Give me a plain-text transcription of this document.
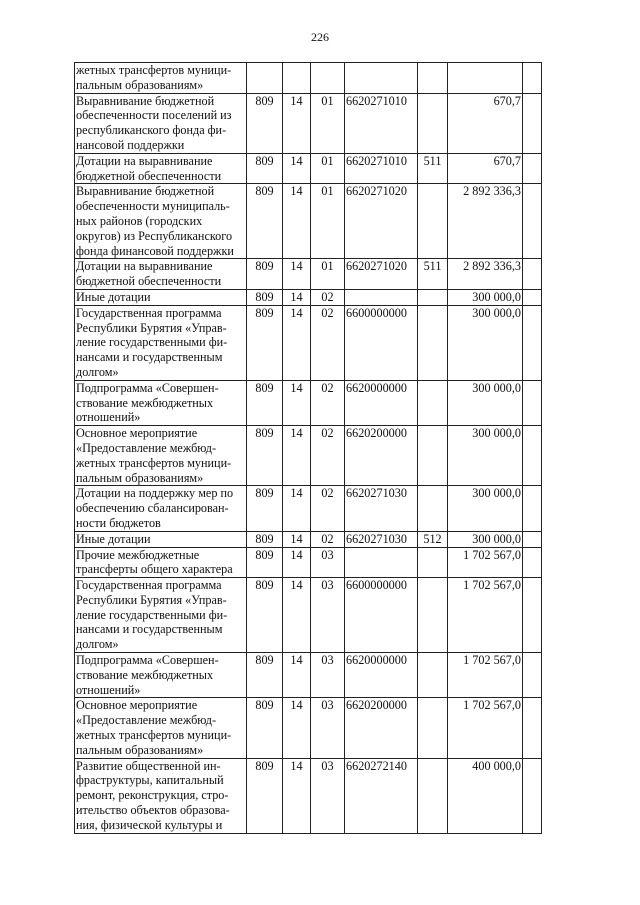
226
жетных трансфертов муници-
пальным образованиям»							

Выравнивание бюджетной
обеспеченности поселений из
республиканского фонда фи-
нансовой поддержки	809	14	01	6620271010		670,7	

Дотации на выравнивание
бюджетной обеспеченности	809	14	01	6620271010	511	670,7	

Выравнивание бюджетной
обеспеченности муниципаль-
ных районов (городских
округов) из Республиканского
фонда финансовой поддержки	809	14	01	6620271020		2 892 336,3	

Дотации на выравнивание
бюджетной обеспеченности	809	14	01	6620271020	511	2 892 336,3	

Иные дотации	809	14	02			300 000,0	

Государственная программа
Республики Бурятия «Управ-
ление государственными фи-
нансами и государственным
долгом»	809	14	02	6600000000		300 000,0	

Подпрограмма «Совершен-
ствование межбюджетных
отношений»	809	14	02	6620000000		300 000,0	

Основное мероприятие
«Предоставление межбюд-
жетных трансфертов муници-
пальным образованиям»	809	14	02	6620200000		300 000,0	

Дотации на поддержку мер по
обеспечению сбалансирован-
ности бюджетов	809	14	02	6620271030		300 000,0	

Иные дотации	809	14	02	6620271030	512	300 000,0	

Прочие межбюджетные
трансферты общего характера	809	14	03			1 702 567,0	

Государственная программа
Республики Бурятия «Управ-
ление государственными фи-
нансами и государственным
долгом»	809	14	03	6600000000		1 702 567,0	

Подпрограмма «Совершен-
ствование межбюджетных
отношений»	809	14	03	6620000000		1 702 567,0	

Основное мероприятие
«Предоставление межбюд-
жетных трансфертов муници-
пальным образованиям»	809	14	03	6620200000		1 702 567,0	

Развитие общественной ин-
фраструктуры, капитальный
ремонт, реконструкция, стро-
ительство объектов образова-
ния, физической культуры и	809	14	03	6620272140		400 000,0	
